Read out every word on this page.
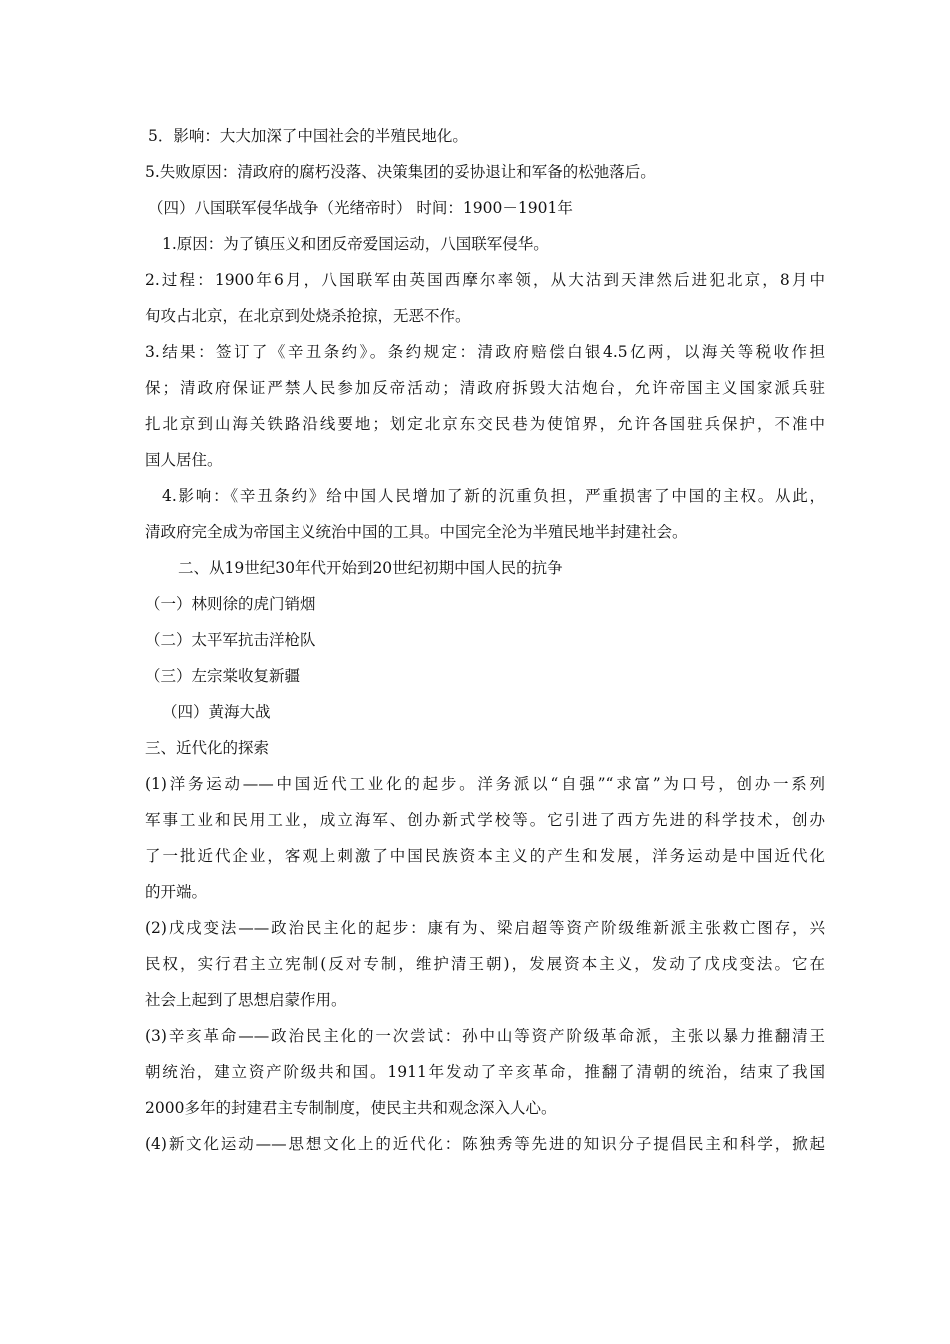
5．影响：大大加深了中国社会的半殖民地化。
5.失败原因：清政府的腐朽没落、决策集团的妥协退让和军备的松弛落后。
（四）八国联军侵华战争（光绪帝时） 时间：1900－1901年
1.原因：为了镇压义和团反帝爱国运动，八国联军侵华。
2.过程：1900年6月，八国联军由英国西摩尔率领，从大沽到天津然后进犯北京，8月中
旬攻占北京，在北京到处烧杀抢掠，无恶不作。
3.结果：签订了《辛丑条约》。条约规定：清政府赔偿白银4.5亿两，以海关等税收作担
保；清政府保证严禁人民参加反帝活动；清政府拆毁大沽炮台，允许帝国主义国家派兵驻
扎北京到山海关铁路沿线要地；划定北京东交民巷为使馆界，允许各国驻兵保护，不准中
国人居住。
4.影响：《辛丑条约》给中国人民增加了新的沉重负担，严重损害了中国的主权。从此，
清政府完全成为帝国主义统治中国的工具。中国完全沦为半殖民地半封建社会。
二、从19世纪30年代开始到20世纪初期中国人民的抗争
（一）林则徐的虎门销烟
（二）太平军抗击洋枪队
（三）左宗棠收复新疆
（四）黄海大战
三、近代化的探索
(1)洋务运动——中国近代工业化的起步。洋务派以“自强”“求富”为口号，创办一系列
军事工业和民用工业，成立海军、创办新式学校等。它引进了西方先进的科学技术，创办
了一批近代企业，客观上刺激了中国民族资本主义的产生和发展，洋务运动是中国近代化
的开端。
(2)戊戌变法——政治民主化的起步：康有为、梁启超等资产阶级维新派主张救亡图存，兴
民权，实行君主立宪制(反对专制，维护清王朝)，发展资本主义，发动了戊戌变法。它在
社会上起到了思想启蒙作用。
(3)辛亥革命——政治民主化的一次尝试：孙中山等资产阶级革命派，主张以暴力推翻清王
朝统治，建立资产阶级共和国。1911年发动了辛亥革命，推翻了清朝的统治，结束了我国
2000多年的封建君主专制制度，使民主共和观念深入人心。
(4)新文化运动——思想文化上的近代化：陈独秀等先进的知识分子提倡民主和科学，掀起
